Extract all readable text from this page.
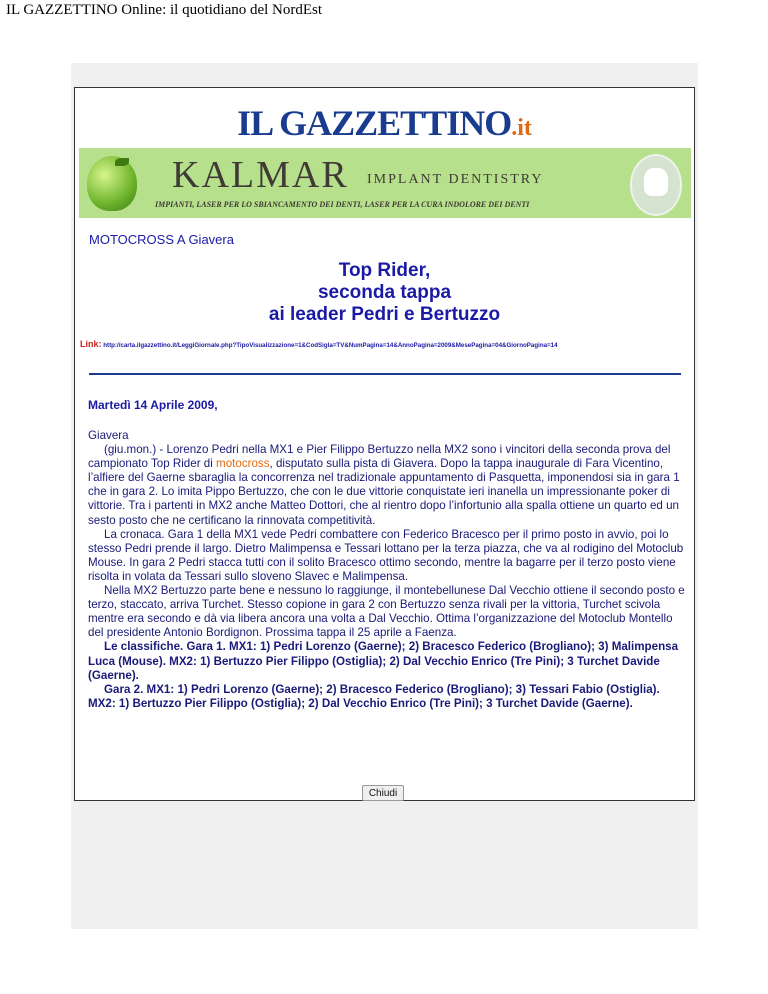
IL GAZZETTINO Online: il quotidiano del NordEst
IL GAZZETTINO.it
KALMAR IMPLANT DENTISTRY
IMPIANTI, LASER PER LO SBIANCAMENTO DEI DENTI, LASER PER LA CURA INDOLORE DEI DENTI
MOTOCROSS A Giavera
Top Rider,
seconda tappa
ai leader Pedri e Bertuzzo
Link: http://carta.ilgazzettino.it/LeggiGiornale.php?TipoVisualizzazione=1&CodSigla=TV&NumPagina=14&AnnoPagina=2009&MesePagina=04&GiornoPagina=14
Martedì 14 Aprile 2009,

Giavera

(giu.mon.) - Lorenzo Pedri nella MX1 e Pier Filippo Bertuzzo nella MX2 sono i vincitori della seconda prova del campionato Top Rider di motocross, disputato sulla pista di Giavera. Dopo la tappa inaugurale di Fara Vicentino, l’alfiere del Gaerne sbaraglia la concorrenza nel tradizionale appuntamento di Pasquetta, imponendosi sia in gara 1 che in gara 2. Lo imita Pippo Bertuzzo, che con le due vittorie conquistate ieri inanella un impressionante poker di vittorie. Tra i partenti in MX2 anche Matteo Dottori, che al rientro dopo l’infortunio alla spalla ottiene un quarto ed un sesto posto che ne certificano la rinnovata competitività.

La cronaca. Gara 1 della MX1 vede Pedri combattere con Federico Bracesco per il primo posto in avvio, poi lo stesso Pedri prende il largo. Dietro Malimpensa e Tessari lottano per la terza piazza, che va al rodigino del Motoclub Mouse. In gara 2 Pedri stacca tutti con il solito Bracesco ottimo secondo, mentre la bagarre per il terzo posto viene risolta in volata da Tessari sullo sloveno Slavec e Malimpensa.

Nella MX2 Bertuzzo parte bene e nessuno lo raggiunge, il montebellunese Dal Vecchio ottiene il secondo posto e terzo, staccato, arriva Turchet. Stesso copione in gara 2 con Bertuzzo senza rivali per la vittoria, Turchet scivola mentre era secondo e dà via libera ancora una volta a Dal Vecchio. Ottima l’organizzazione del Motoclub Montello del presidente Antonio Bordignon. Prossima tappa il 25 aprile a Faenza.

Le classifiche. Gara 1. MX1: 1) Pedri Lorenzo (Gaerne); 2) Bracesco Federico (Brogliano); 3) Malimpensa Luca (Mouse). MX2: 1) Bertuzzo Pier Filippo (Ostiglia); 2) Dal Vecchio Enrico (Tre Pini); 3 Turchet Davide (Gaerne).

Gara 2. MX1: 1) Pedri Lorenzo (Gaerne); 2) Bracesco Federico (Brogliano); 3) Tessari Fabio (Ostiglia). MX2: 1) Bertuzzo Pier Filippo (Ostiglia); 2) Dal Vecchio Enrico (Tre Pini); 3 Turchet Davide (Gaerne).

Chiudi
